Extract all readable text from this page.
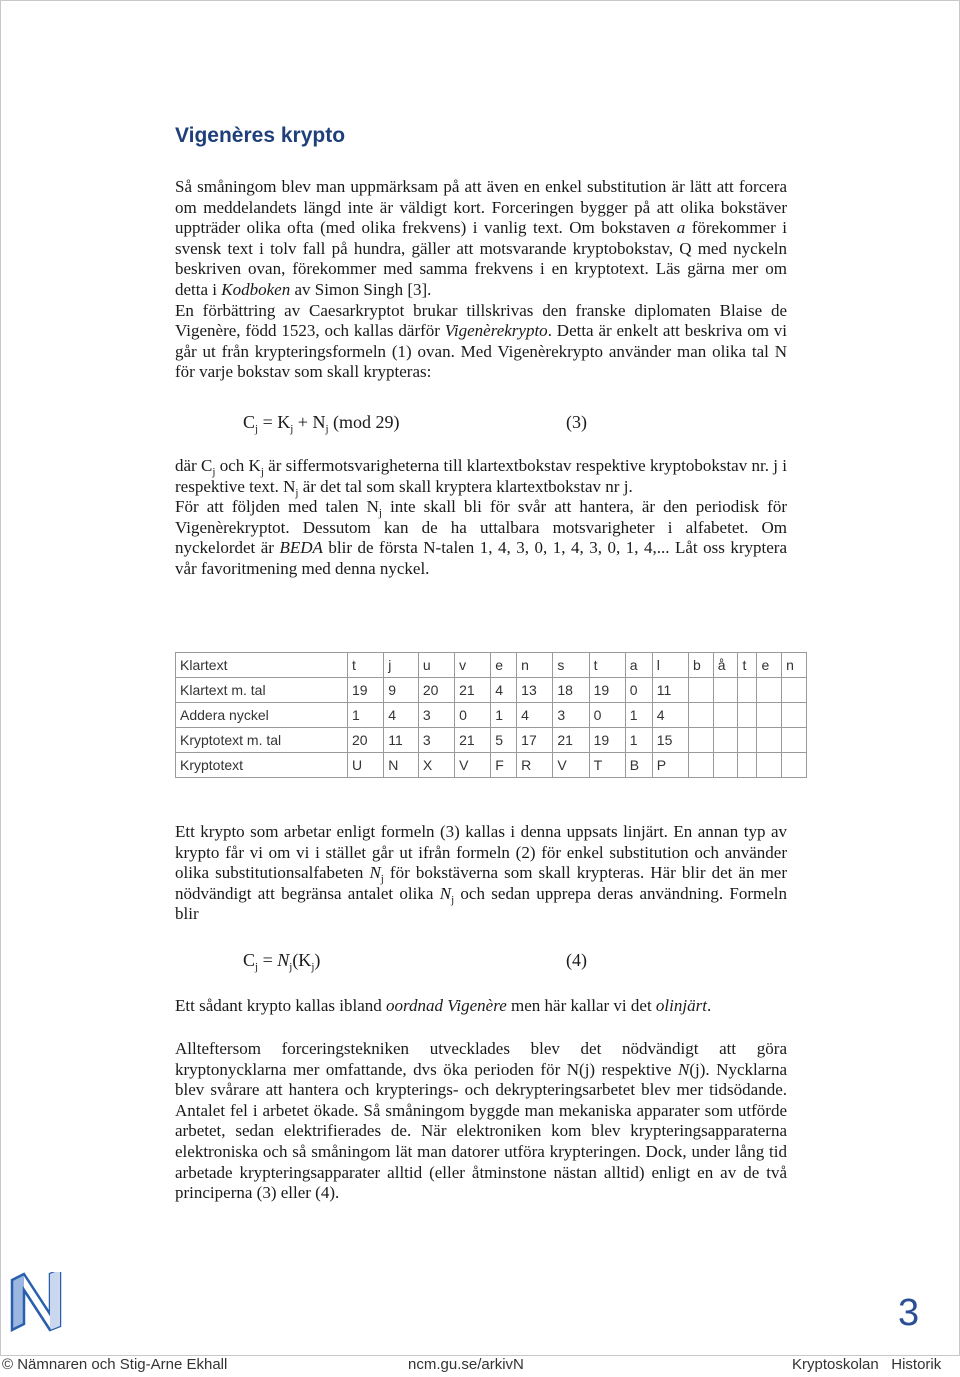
Vigenères krypto

Så småningom blev man uppmärksam på att även en enkel substitution är lätt att forcera om meddelandets längd inte är väldigt kort. Forceringen bygger på att olika bokstäver uppträder olika ofta (med olika frekvens) i vanlig text. Om bokstaven a förekommer i svensk text i tolv fall på hundra, gäller att motsvarande kryptobokstav, Q med nyckeln beskriven ovan, förekommer med samma frekvens i en kryptotext. Läs gärna mer om detta i Kodboken av Simon Singh [3].

En förbättring av Caesarkryptot brukar tillskrivas den franske diplomaten Blaise de Vigenère, född 1523, och kallas därför Vigenèrekrypto. Detta är enkelt att beskriva om vi går ut från krypteringsformeln (1) ovan. Med Vigenèrekrypto använder man olika tal N för varje bokstav som skall krypteras:

$C_j = K_j + N_j$ (mod 29)	(3)

där $C_j$ och $K_j$ är siffermotsvarigheterna till klartextbokstav respektive kryptobokstav nr. j i respektive text. $N_j$ är det tal som skall kryptera klartextbokstav nr j.

För att följden med talen $N_j$ inte skall bli för svår att hantera, är den periodisk för Vigenèrekryptot. Dessutom kan de ha uttalbara motsvarigheter i alfabetet. Om nyckelordet är BEDA blir de första N-talen 1, 4, 3, 0, 1, 4, 3, 0, 1, 4,... Låt oss kryptera vår favoritmening med denna nyckel.

Klartext	t	j	u	v	e	n	s	t	a	l	b	å	t	e	n
Klartext m. tal	19	9	20	21	4	13	18	19	0	11					
Addera nyckel	1	4	3	0	1	4	3	0	1	4					
Kryptotext m. tal	20	11	3	21	5	17	21	19	1	15					
Kryptotext	U	N	X	V	F	R	V	T	B	P					

Ett krypto som arbetar enligt formeln (3) kallas i denna uppsats linjärt. En annan typ av krypto får vi om vi i stället går ut ifrån formeln (2) för enkel substitution och använder olika substitutionsalfabeten $N_j$ för bokstäverna som skall krypteras. Här blir det än mer nödvändigt att begränsa antalet olika $N_j$ och sedan upprepa deras användning. Formeln blir

$C_j = N_j(K_j)$	(4)

Ett sådant krypto kallas ibland oordnad Vigenère men här kallar vi det olinjärt.

Allteftersom forceringstekniken utvecklades blev det nödvändigt att göra kryptonycklarna mer omfattande, dvs öka perioden för N(j) respektive N(j). Nycklarna blev svårare att hantera och krypterings- och dekrypteringsarbetet blev mer tidsödande. Antalet fel i arbetet ökade. Så småningom byggde man mekaniska apparater som utförde arbetet, sedan elektrifierades de. När elektroniken kom blev krypteringsapparaterna elektroniska och så småningom lät man datorer utföra krypteringen. Dock, under lång tid arbetade krypteringsapparater alltid (eller åtminstone nästan alltid) enligt en av de två principerna (3) eller (4).

3
© Nämnaren och Stig-Arne Ekhall	ncm.gu.se/arkivN	Kryptoskolan Historik
